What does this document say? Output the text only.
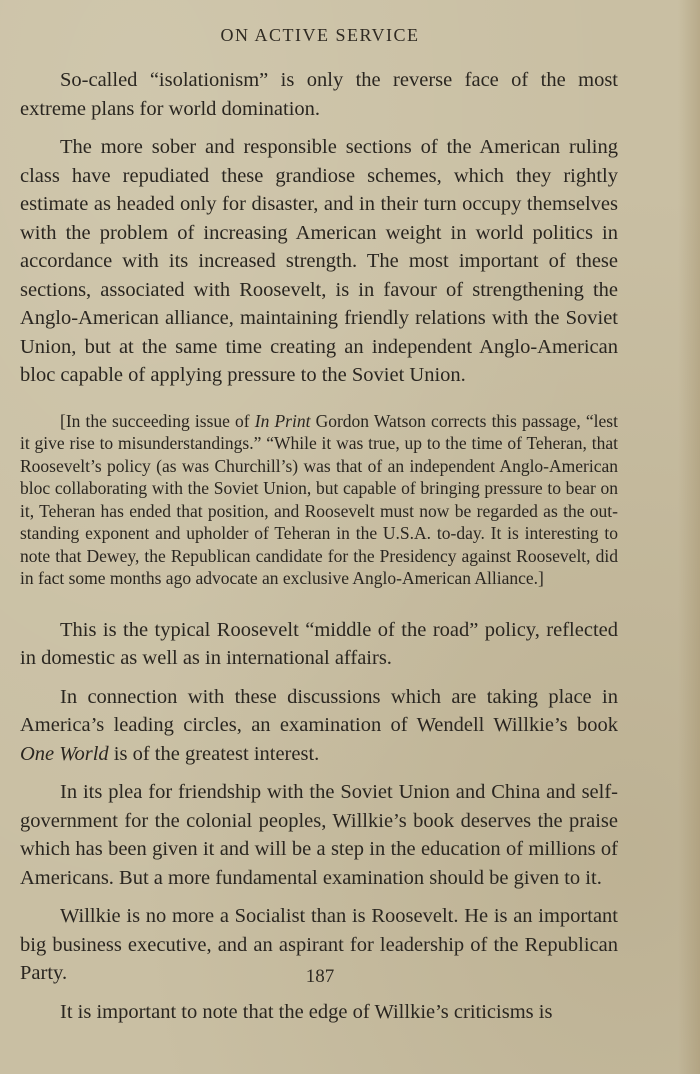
ON ACTIVE SERVICE

So-called “isolationism” is only the reverse face of the most extreme plans for world domination.

The more sober and responsible sections of the American ruling class have repudiated these grandiose schemes, which they rightly estimate as headed only for disaster, and in their turn occupy themselves with the problem of increasing American weight in world politics in accordance with its increased strength. The most important of these sections, associated with Roosevelt, is in favour of strengthening the Anglo-American alliance, maintaining friendly relations with the Soviet Union, but at the same time creating an independent Anglo-American bloc capable of applying pressure to the Soviet Union.

[In the succeeding issue of In Print Gordon Watson corrects this passage, “lest it give rise to misunderstandings.” “While it was true, up to the time of Teheran, that Roosevelt’s policy (as was Churchill’s) was that of an independent Anglo-American bloc collaborating with the Soviet Union, but capable of bringing pressure to bear on it, Teheran has ended that position, and Roosevelt must now be regarded as the outstanding exponent and upholder of Teheran in the U.S.A. to-day. It is interesting to note that Dewey, the Republican candidate for the Presidency against Roosevelt, did in fact some months ago advocate an exclusive Anglo-American Alliance.]

This is the typical Roosevelt “middle of the road” policy, reflected in domestic as well as in international affairs.

In connection with these discussions which are taking place in America’s leading circles, an examination of Wendell Willkie’s book One World is of the greatest interest.

In its plea for friendship with the Soviet Union and China and self-government for the colonial peoples, Willkie’s book deserves the praise which has been given it and will be a step in the education of millions of Americans. But a more fundamental examination should be given to it.

Willkie is no more a Socialist than is Roosevelt. He is an important big business executive, and an aspirant for leadership of the Republican Party.

It is important to note that the edge of Willkie’s criticisms is

187
